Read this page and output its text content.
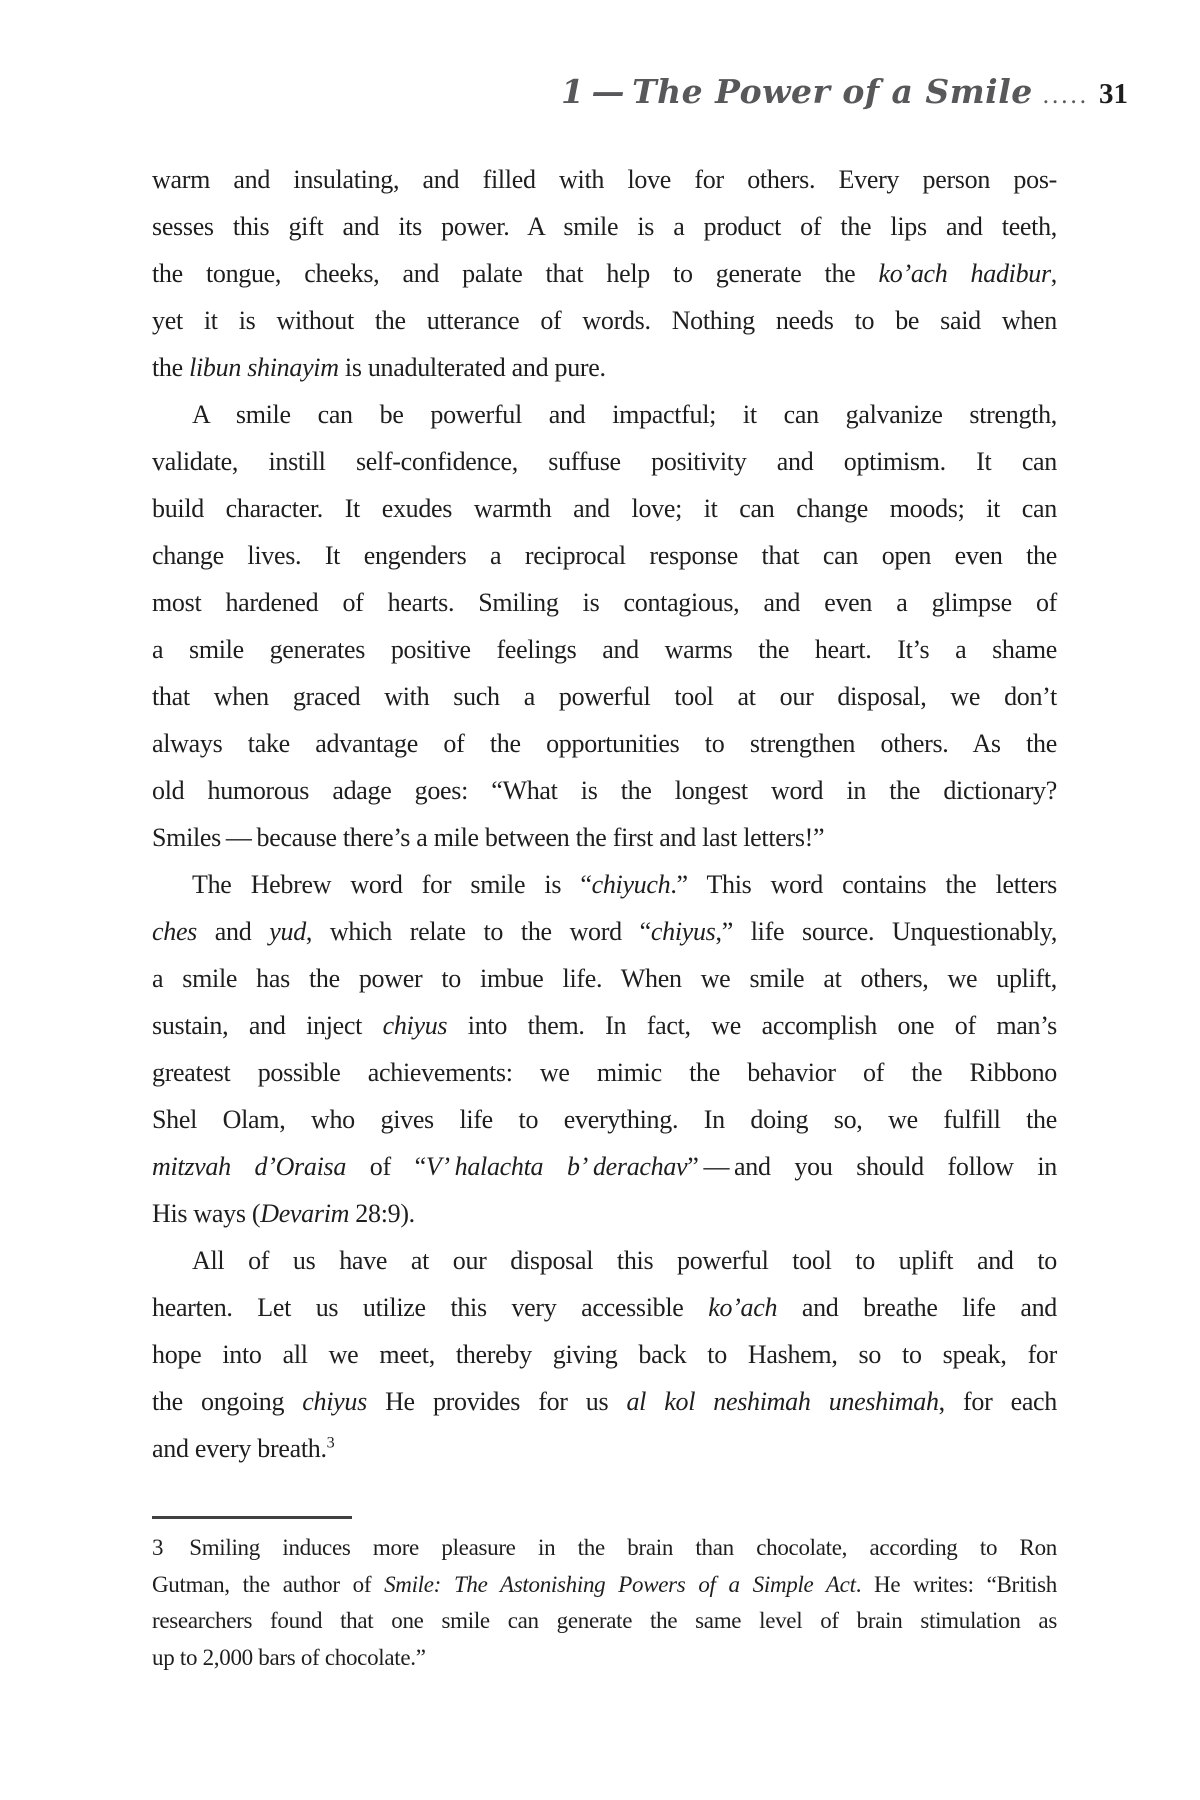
1 — The Power of a Smile ..... 31
warm and insulating, and filled with love for others. Every person pos-
sesses this gift and its power. A smile is a product of the lips and teeth,
the tongue, cheeks, and palate that help to generate the ko’ach hadibur,
yet it is without the utterance of words. Nothing needs to be said when
the libun shinayim is unadulterated and pure.
A smile can be powerful and impactful; it can galvanize strength,
validate, instill self-confidence, suffuse positivity and optimism. It can
build character. It exudes warmth and love; it can change moods; it can
change lives. It engenders a reciprocal response that can open even the
most hardened of hearts. Smiling is contagious, and even a glimpse of
a smile generates positive feelings and warms the heart. It’s a shame
that when graced with such a powerful tool at our disposal, we don’t
always take advantage of the opportunities to strengthen others. As the
old humorous adage goes: “What is the longest word in the dictionary?
Smiles — because there’s a mile between the first and last letters!”
The Hebrew word for smile is “chiyuch.” This word contains the letters
ches and yud, which relate to the word “chiyus,” life source. Unquestionably,
a smile has the power to imbue life. When we smile at others, we uplift,
sustain, and inject chiyus into them. In fact, we accomplish one of man’s
greatest possible achievements: we mimic the behavior of the Ribbono
Shel Olam, who gives life to everything. In doing so, we fulfill the
mitzvah d’Oraisa of “V’ halachta b’ derachav” — and you should follow in
His ways (Devarim 28:9).
All of us have at our disposal this powerful tool to uplift and to
hearten. Let us utilize this very accessible ko’ach and breathe life and
hope into all we meet, thereby giving back to Hashem, so to speak, for
the ongoing chiyus He provides for us al kol neshimah uneshimah, for each
and every breath.$^3$
3 Smiling induces more pleasure in the brain than chocolate, according to Ron
Gutman, the author of Smile: The Astonishing Powers of a Simple Act. He writes: “British
researchers found that one smile can generate the same level of brain stimulation as
up to 2,000 bars of chocolate.”
